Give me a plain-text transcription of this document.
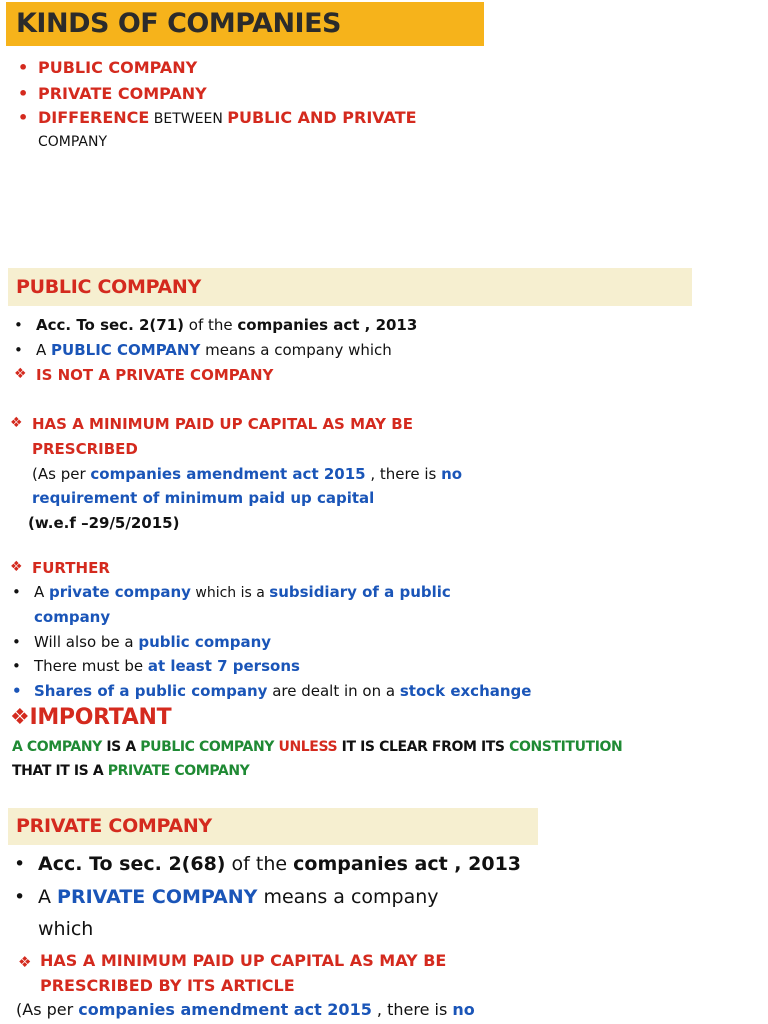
KINDS OF COMPANIES
• PUBLIC COMPANY
• PRIVATE COMPANY
• DIFFERENCE BETWEEN PUBLIC AND PRIVATE
COMPANY
PUBLIC COMPANY
• Acc. To sec. 2(71) of the companies act , 2013
• A PUBLIC COMPANY means a company which
❖ IS NOT A PRIVATE COMPANY
❖ HAS A MINIMUM PAID UP CAPITAL AS MAY BE
PRESCRIBED
(As per companies amendment act 2015 , there is no
requirement of minimum paid up capital
(w.e.f –29/5/2015)
❖ FURTHER
• A private company which is a subsidiary of a public
company
• Will also be a public company
• There must be at least 7 persons
• Shares of a public company are dealt in on a stock exchange
❖IMPORTANT
A COMPANY IS A PUBLIC COMPANY UNLESS IT IS CLEAR FROM ITS CONSTITUTION
THAT IT IS A PRIVATE COMPANY
PRIVATE COMPANY
• Acc. To sec. 2(68) of the companies act , 2013
• A PRIVATE COMPANY means a company
which
❖ HAS A MINIMUM PAID UP CAPITAL AS MAY BE
PRESCRIBED BY ITS ARTICLE
(As per companies amendment act 2015 , there is no
